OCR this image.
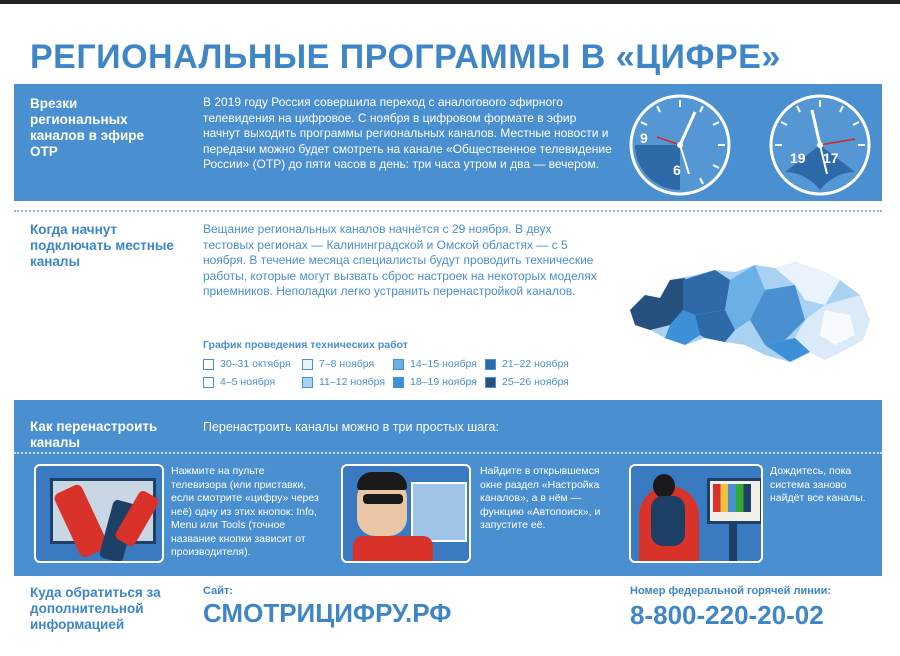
РЕГИОНАЛЬНЫЕ ПРОГРАММЫ В «ЦИФРЕ»
Врезки региональных каналов в эфире ОТР
В 2019 году Россия совершила переход с аналогового эфирного телевидения на цифровое. С ноября в цифровом формате в эфир начнут выходить программы региональных каналов. Местные новости и передачи можно будет смотреть на канале «Общественное телевидение России» (ОТР) до пяти часов в день: три часа утром и два — вечером.
9
6
19 17
Когда начнут подключать местные каналы
Вещание региональных каналов начнётся с 29 ноября. В двух тестовых регионах — Калининградской и Омской областях — с 5 ноября. В течение месяца специалисты будут проводить технические работы, которые могут вызвать сброс настроек на некоторых моделях приемников. Неполадки легко устранить перенастройкой каналов.
График проведения технических работ
30–31 октября
4–5 ноября
7–8 ноября
11–12 ноября
14–15 ноября
18–19 ноября
21–22 ноября
25–26 ноября
Как перенастроить каналы
Перенастроить каналы можно в три простых шага:
Нажмите на пульте телевизора (или приставки, если смотрите «цифру» через неё) одну из этих кнопок: Info, Menu или Tools (точное название кнопки зависит от производителя).
Найдите в открывшемся окне раздел «Настройка каналов», а в нём — функцию «Автопоиск», и запустите её.
Дождитесь, пока система заново найдёт все каналы.
Куда обратиться за дополнительной информацией
Сайт:
СМОТРИЦИФРУ.РФ
Номер федеральной горячей линии:
8-800-220-20-02
